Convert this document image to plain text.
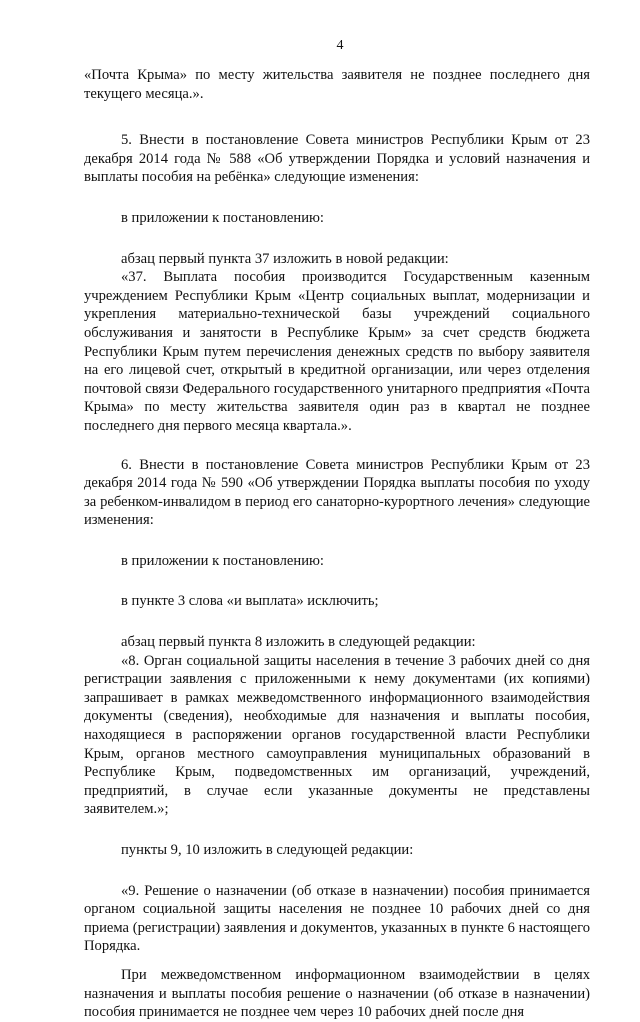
4

«Почта Крыма» по месту жительства заявителя не позднее последнего дня текущего месяца.».

5. Внести в постановление Совета министров Республики Крым от 23 декабря 2014 года № 588 «Об утверждении Порядка и условий назначения и выплаты пособия на ребёнка» следующие изменения:

в приложении к постановлению:

абзац первый пункта 37 изложить в новой редакции:

«37. Выплата пособия производится Государственным казенным учреждением Республики Крым «Центр социальных выплат, модернизации и укрепления материально-технической базы учреждений социального обслуживания и занятости в Республике Крым» за счет средств бюджета Республики Крым путем перечисления денежных средств по выбору заявителя на его лицевой счет, открытый в кредитной организации, или через отделения почтовой связи Федерального государственного унитарного предприятия «Почта Крыма» по месту жительства заявителя один раз в квартал не позднее последнего дня первого месяца квартала.».

6. Внести в постановление Совета министров Республики Крым от 23 декабря 2014 года № 590 «Об утверждении Порядка выплаты пособия по уходу за ребенком-инвалидом в период его санаторно-курортного лечения» следующие изменения:

в приложении к постановлению:

в пункте 3 слова «и выплата» исключить;

абзац первый пункта 8 изложить в следующей редакции:

«8. Орган социальной защиты населения в течение 3 рабочих дней со дня регистрации заявления с приложенными к нему документами (их копиями) запрашивает в рамках межведомственного информационного взаимодействия документы (сведения), необходимые для назначения и выплаты пособия, находящиеся в распоряжении органов государственной власти Республики Крым, органов местного самоуправления муниципальных образований в Республике Крым, подведомственных им организаций, учреждений, предприятий, в случае если указанные документы не представлены заявителем.»;

пункты 9, 10 изложить в следующей редакции:

«9. Решение о назначении (об отказе в назначении) пособия принимается органом социальной защиты населения не позднее 10 рабочих дней со дня приема (регистрации) заявления и документов, указанных в пункте 6 настоящего Порядка.

При межведомственном информационном взаимодействии в целях назначения и выплаты пособия решение о назначении (об отказе в назначении) пособия принимается не позднее чем через 10 рабочих дней после дня
